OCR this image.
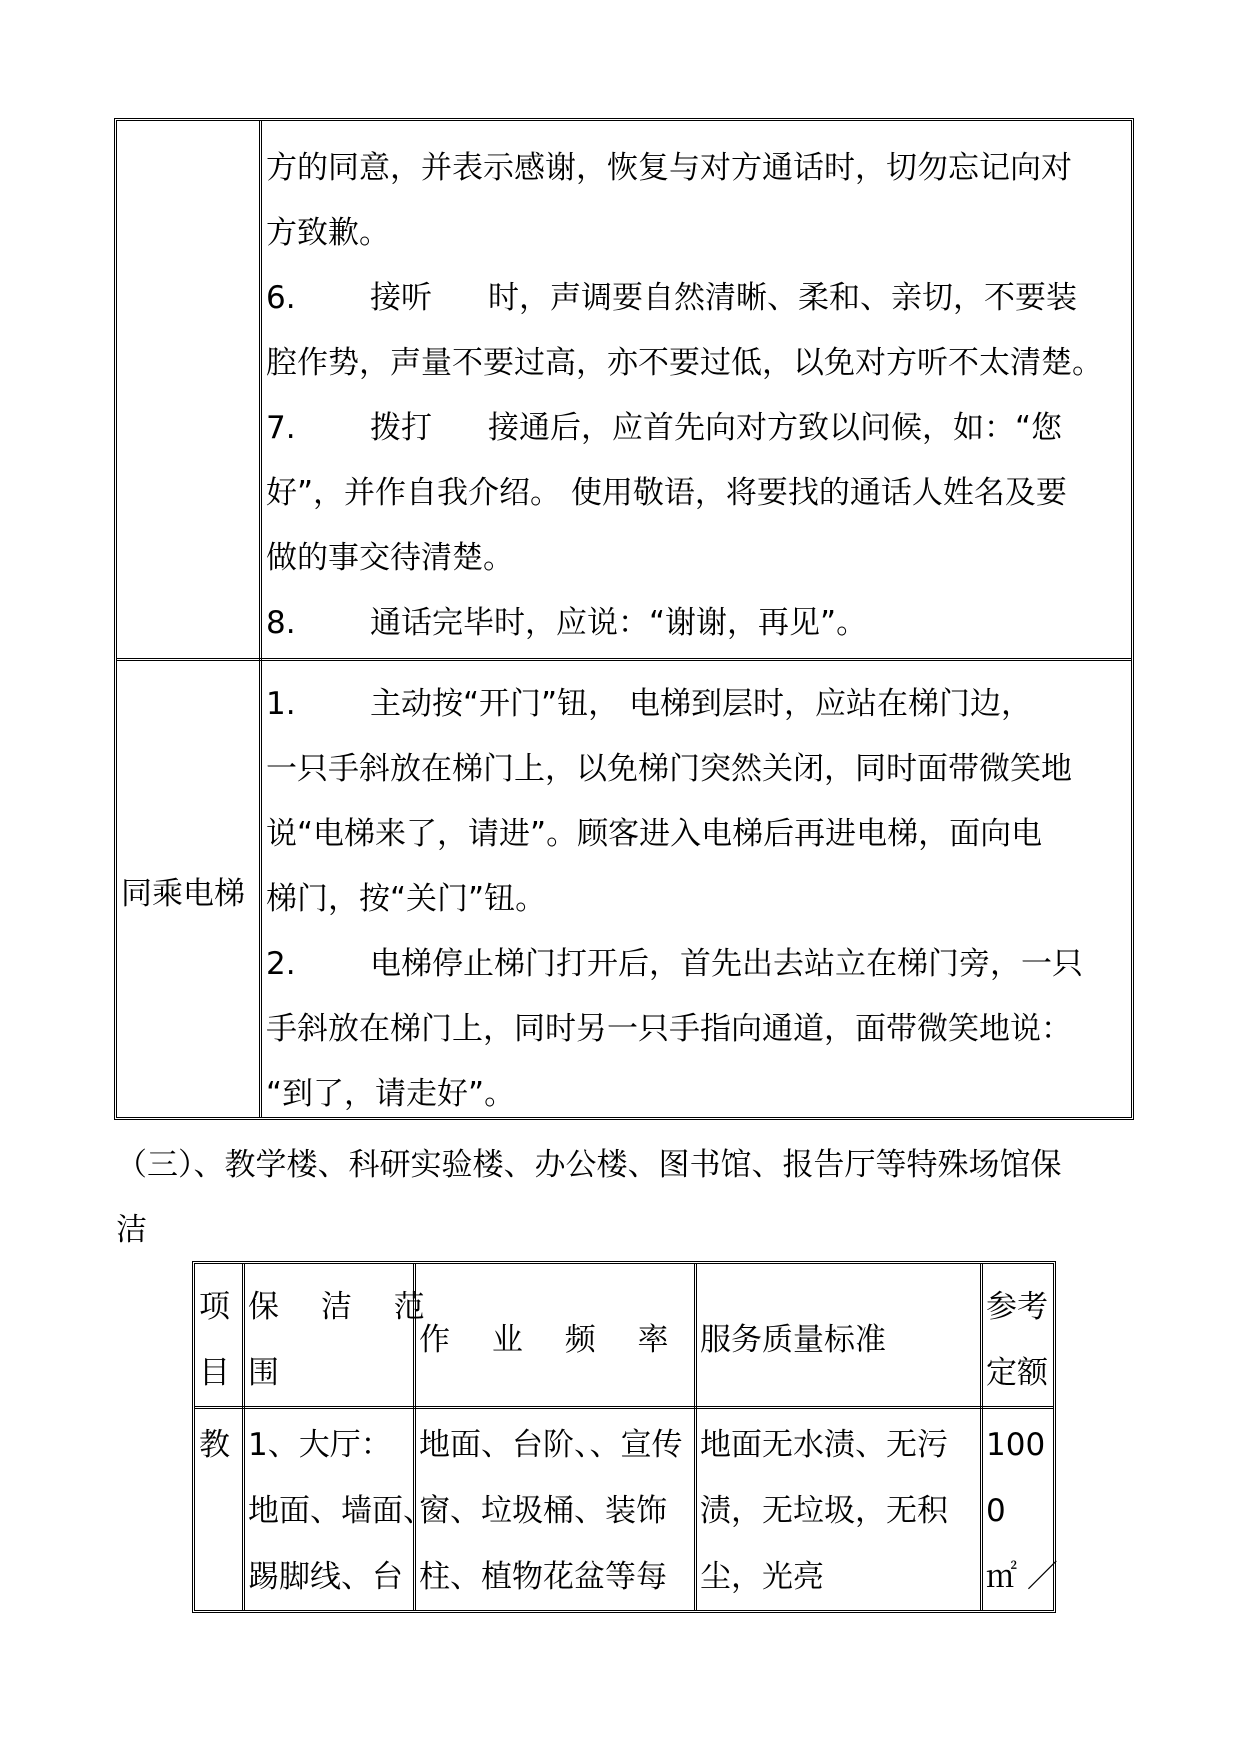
方的同意，并表示感谢，恢复与对方通话时，切勿忘记向对
方致歉。
6. 接听 时，声调要自然清晰、柔和、亲切，不要装
腔作势，声量不要过高，亦不要过低，以免对方听不太清楚。
7. 拨打 接通后，应首先向对方致以问候，如：“您
好”，并作自我介绍。 使用敬语，将要找的通话人姓名及要
做的事交待清楚。
8. 通话完毕时，应说：“谢谢，再见”。
同乘电梯
1. 主动按“开门”钮， 电梯到层时，应站在梯门边，
一只手斜放在梯门上，以免梯门突然关闭，同时面带微笑地
说“电梯来了，请进”。顾客进入电梯后再进电梯，面向电
梯门，按“关门”钮。
2. 电梯停止梯门打开后，首先出去站立在梯门旁，一只
手斜放在梯门上，同时另一只手指向通道，面带微笑地说：
“到了，请走好”。
（三）、教学楼、科研实验楼、办公楼、图书馆、报告厅等特殊场馆保
洁
项
目
保 洁 范
围
作 业 频 率 服务质量标准
参考
定额
教 1、大厅：
地面、墙面、
踢脚线、台
地面、台阶、、宣传
窗、垃圾桶、装饰
柱、植物花盆等每
地面无水渍、无污
渍，无垃圾，无积
尘，光亮
100
0
㎡ ／
